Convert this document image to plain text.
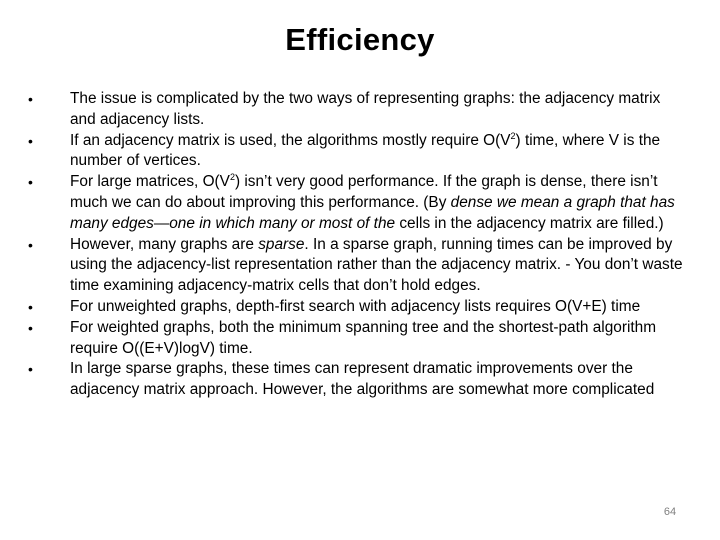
Efficiency
•	The issue is complicated by the two ways of representing graphs: the adjacency matrix and adjacency lists.
•	If an adjacency matrix is used, the algorithms mostly require $O(V^2)$ time, where V is the number of vertices.
•	For large matrices, $O(V^2)$ isn’t very good performance. If the graph is dense, there isn’t much we can do about improving this performance. (By dense we mean a graph that has many edges—one in which many or most of the cells in the adjacency matrix are filled.)
•	However, many graphs are sparse. In a sparse graph, running times can be improved by using the adjacency-list representation rather than the adjacency matrix. - You don’t waste time examining adjacency-matrix cells that don’t hold edges.
•	For unweighted graphs, depth-first search with adjacency lists requires O(V+E) time
•	For weighted graphs, both the minimum spanning tree and the shortest-path algorithm require O((E+V)logV) time.
•	In large sparse graphs, these times can represent dramatic improvements over the adjacency matrix approach. However, the algorithms are somewhat more complicated
64
